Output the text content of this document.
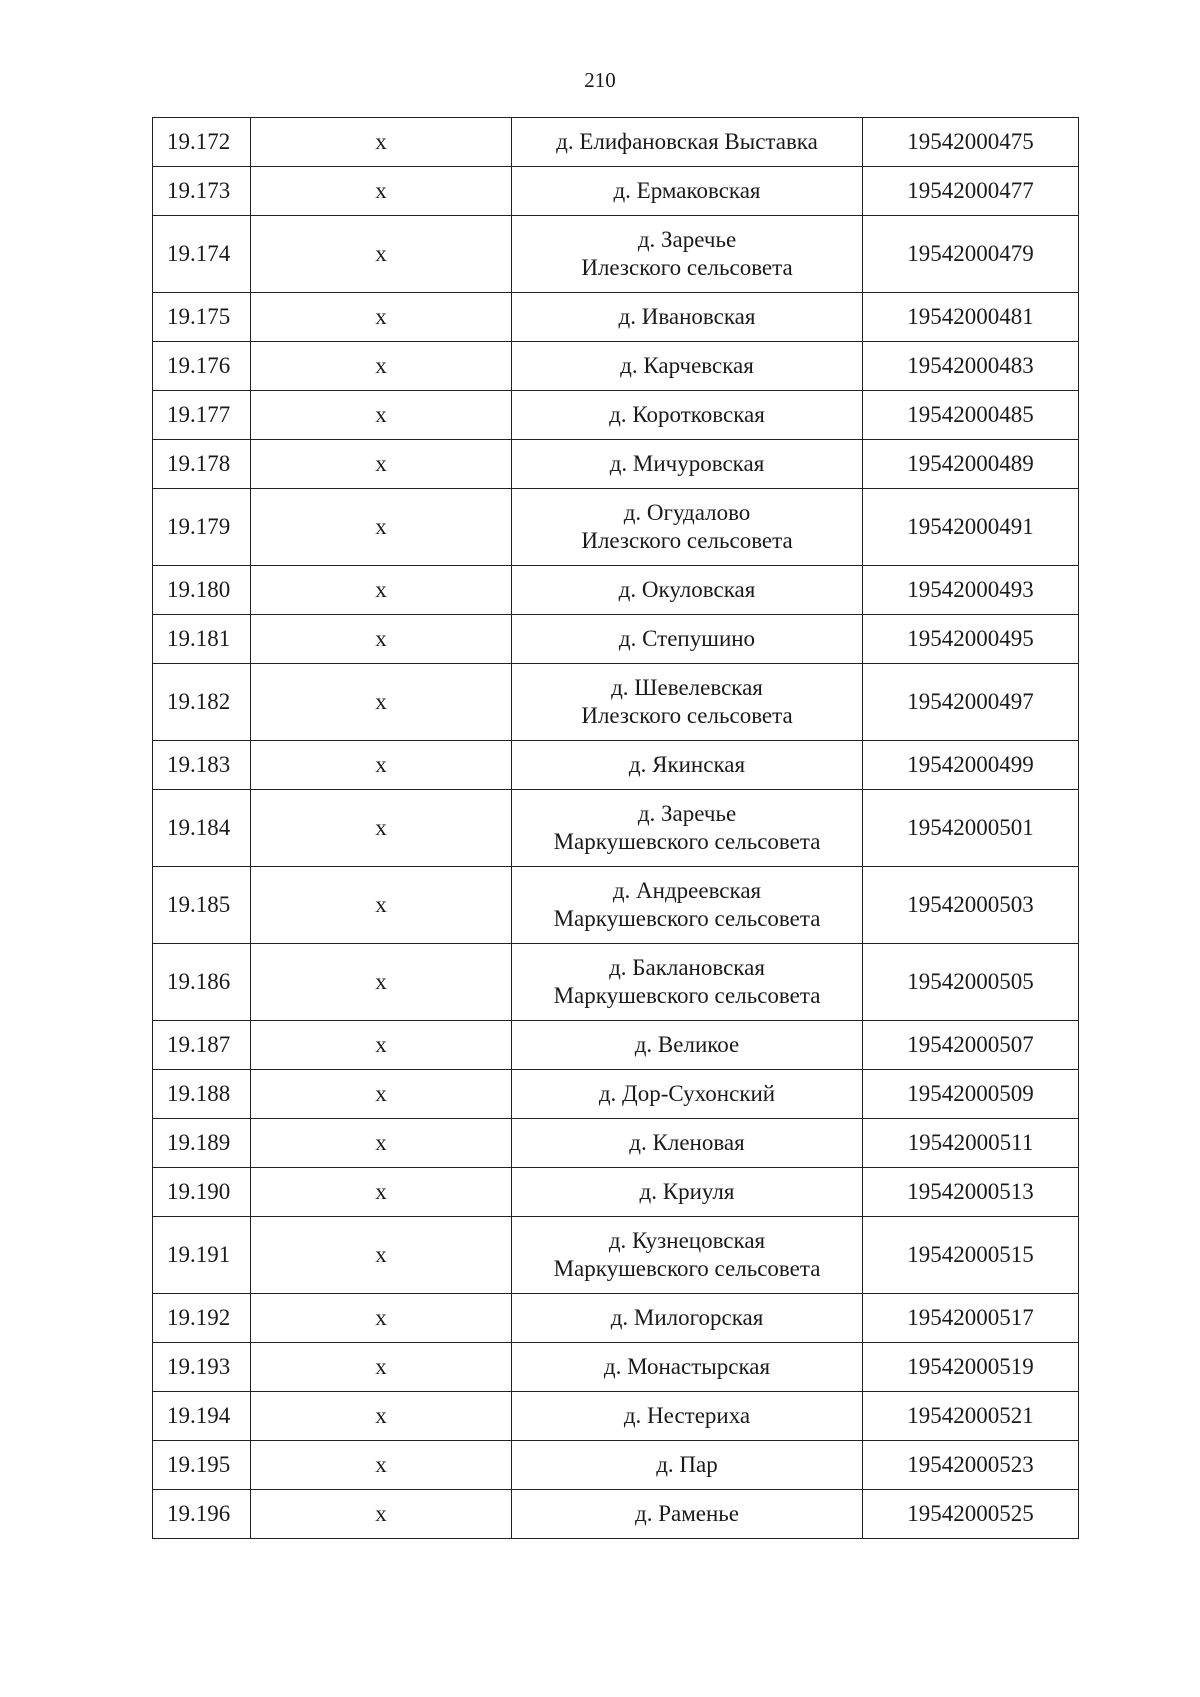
210
19.172	х	д. Елифановская Выставка	19542000475
19.173	х	д. Ермаковская	19542000477
19.174	х	д. Заречье
Илезского сельсовета	19542000479
19.175	х	д. Ивановская	19542000481
19.176	х	д. Карчевская	19542000483
19.177	х	д. Коротковская	19542000485
19.178	х	д. Мичуровская	19542000489
19.179	х	д. Огудалово
Илезского сельсовета	19542000491
19.180	х	д. Окуловская	19542000493
19.181	х	д. Степушино	19542000495
19.182	х	д. Шевелевская
Илезского сельсовета	19542000497
19.183	х	д. Якинская	19542000499
19.184	х	д. Заречье
Маркушевского сельсовета	19542000501
19.185	х	д. Андреевская
Маркушевского сельсовета	19542000503
19.186	х	д. Баклановская
Маркушевского сельсовета	19542000505
19.187	х	д. Великое	19542000507
19.188	х	д. Дор-Сухонский	19542000509
19.189	х	д. Кленовая	19542000511
19.190	х	д. Криуля	19542000513
19.191	х	д. Кузнецовская
Маркушевского сельсовета	19542000515
19.192	х	д. Милогорская	19542000517
19.193	х	д. Монастырская	19542000519
19.194	х	д. Нестериха	19542000521
19.195	х	д. Пар	19542000523
19.196	х	д. Раменье	19542000525
